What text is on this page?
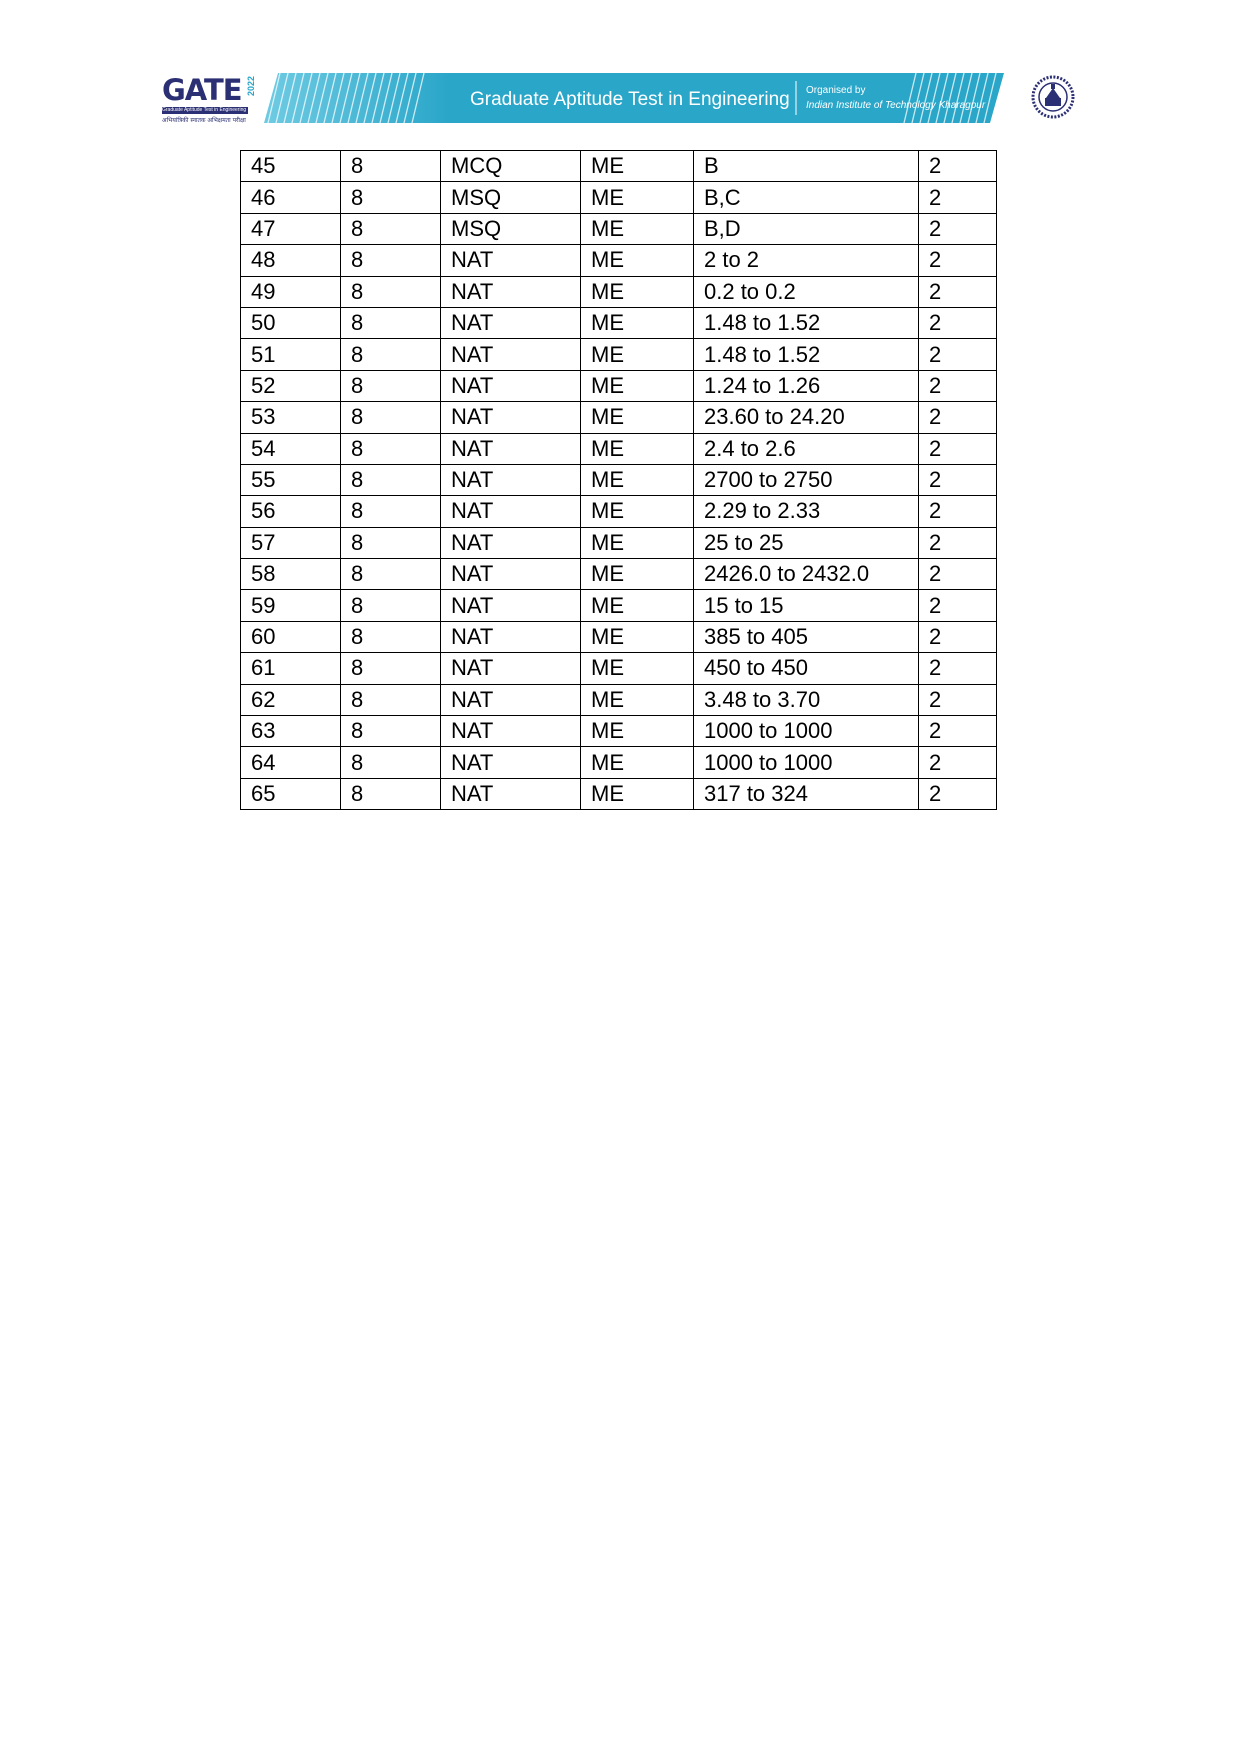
GATE 2022
Graduate Aptitude Test in Engineering
अभियांत्रिकी स्नातक अभिक्षमता परीक्षा
Graduate Aptitude Test in Engineering Organised by
Indian Institute of Technology Kharagpur
45	8	MCQ	ME	B	2
46	8	MSQ	ME	B,C	2
47	8	MSQ	ME	B,D	2
48	8	NAT	ME	2 to 2	2
49	8	NAT	ME	0.2 to 0.2	2
50	8	NAT	ME	1.48 to 1.52	2
51	8	NAT	ME	1.48 to 1.52	2
52	8	NAT	ME	1.24 to 1.26	2
53	8	NAT	ME	23.60 to 24.20	2
54	8	NAT	ME	2.4 to 2.6	2
55	8	NAT	ME	2700 to 2750	2
56	8	NAT	ME	2.29 to 2.33	2
57	8	NAT	ME	25 to 25	2
58	8	NAT	ME	2426.0 to 2432.0	2
59	8	NAT	ME	15 to 15	2
60	8	NAT	ME	385 to 405	2
61	8	NAT	ME	450 to 450	2
62	8	NAT	ME	3.48 to 3.70	2
63	8	NAT	ME	1000 to 1000	2
64	8	NAT	ME	1000 to 1000	2
65	8	NAT	ME	317 to 324	2
